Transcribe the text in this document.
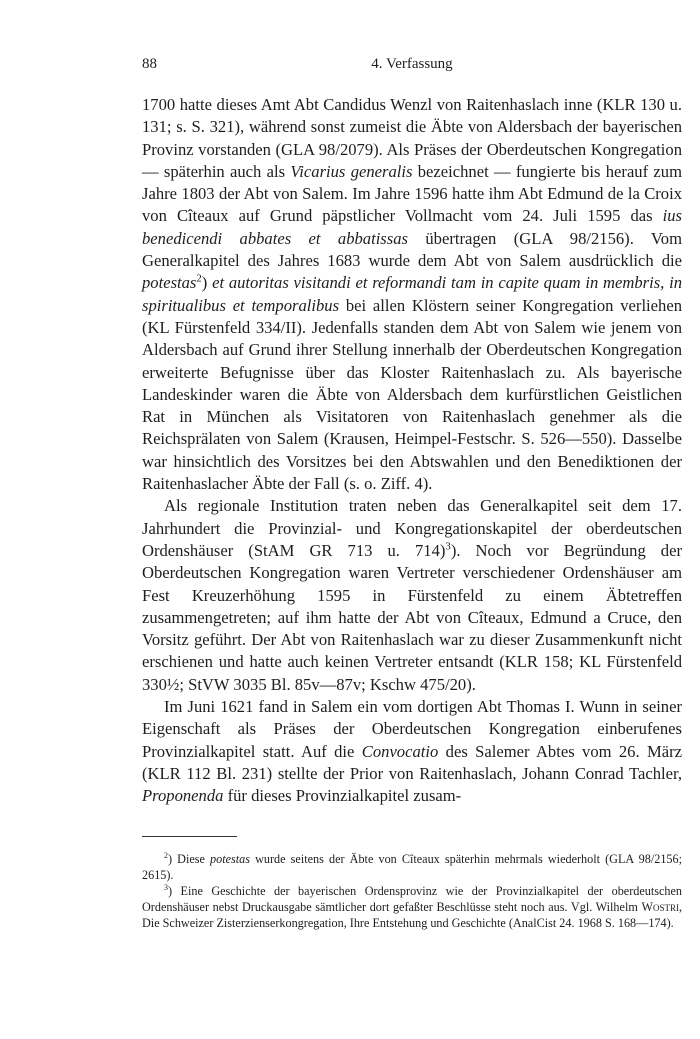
88	4. Verfassung

1700 hatte dieses Amt Abt Candidus Wenzl von Raitenhaslach inne (KLR 130 u. 131; s. S. 321), während sonst zumeist die Äbte von Aldersbach der bayerischen Provinz vorstanden (GLA 98/2079). Als Präses der Oberdeutschen Kongregation — späterhin auch als Vicarius generalis bezeichnet — fungierte bis herauf zum Jahre 1803 der Abt von Salem. Im Jahre 1596 hatte ihm Abt Edmund de la Croix von Cîteaux auf Grund päpstlicher Vollmacht vom 24. Juli 1595 das ius benedicendi abbates et abbatissas übertragen (GLA 98/2156). Vom Generalkapitel des Jahres 1683 wurde dem Abt von Salem ausdrücklich die potestas$^2$) et autoritas visitandi et reformandi tam in capite quam in membris, in spiritualibus et temporalibus bei allen Klöstern seiner Kongregation verliehen (KL Fürstenfeld 334/II). Jedenfalls standen dem Abt von Salem wie jenem von Aldersbach auf Grund ihrer Stellung innerhalb der Oberdeutschen Kongregation erweiterte Befugnisse über das Kloster Raitenhaslach zu. Als bayerische Landeskinder waren die Äbte von Aldersbach dem kurfürstlichen Geistlichen Rat in München als Visitatoren von Raitenhaslach genehmer als die Reichsprälaten von Salem (Krausen, Heimpel-Festschr. S. 526—550). Dasselbe war hinsichtlich des Vorsitzes bei den Abtswahlen und den Benediktionen der Raitenhaslacher Äbte der Fall (s. o. Ziff. 4).

Als regionale Institution traten neben das Generalkapitel seit dem 17. Jahrhundert die Provinzial- und Kongregationskapitel der oberdeutschen Ordenshäuser (StAM GR 713 u. 714)$^3$). Noch vor Begründung der Oberdeutschen Kongregation waren Vertreter verschiedener Ordenshäuser am Fest Kreuzerhöhung 1595 in Fürstenfeld zu einem Äbtetreffen zusammengetreten; auf ihm hatte der Abt von Cîteaux, Edmund a Cruce, den Vorsitz geführt. Der Abt von Raitenhaslach war zu dieser Zusammenkunft nicht erschienen und hatte auch keinen Vertreter entsandt (KLR 158; KL Fürstenfeld 330½; StVW 3035 Bl. 85v—87v; Kschw 475/20).

Im Juni 1621 fand in Salem ein vom dortigen Abt Thomas I. Wunn in seiner Eigenschaft als Präses der Oberdeutschen Kongregation einberufenes Provinzialkapitel statt. Auf die Convocatio des Salemer Abtes vom 26. März (KLR 112 Bl. 231) stellte der Prior von Raitenhaslach, Johann Conrad Tachler, Proponenda für dieses Provinzialkapitel zusam-

$^2$) Diese potestas wurde seitens der Äbte von Cîteaux späterhin mehrmals wiederholt (GLA 98/2156; 2615).

$^3$) Eine Geschichte der bayerischen Ordensprovinz wie der Provinzialkapitel der oberdeutschen Ordenshäuser nebst Druckausgabe sämtlicher dort gefaßter Beschlüsse steht noch aus. Vgl. Wilhelm Wostri, Die Schweizer Zisterzienserkongregation, Ihre Entstehung und Geschichte (AnalCist 24. 1968 S. 168—174).
